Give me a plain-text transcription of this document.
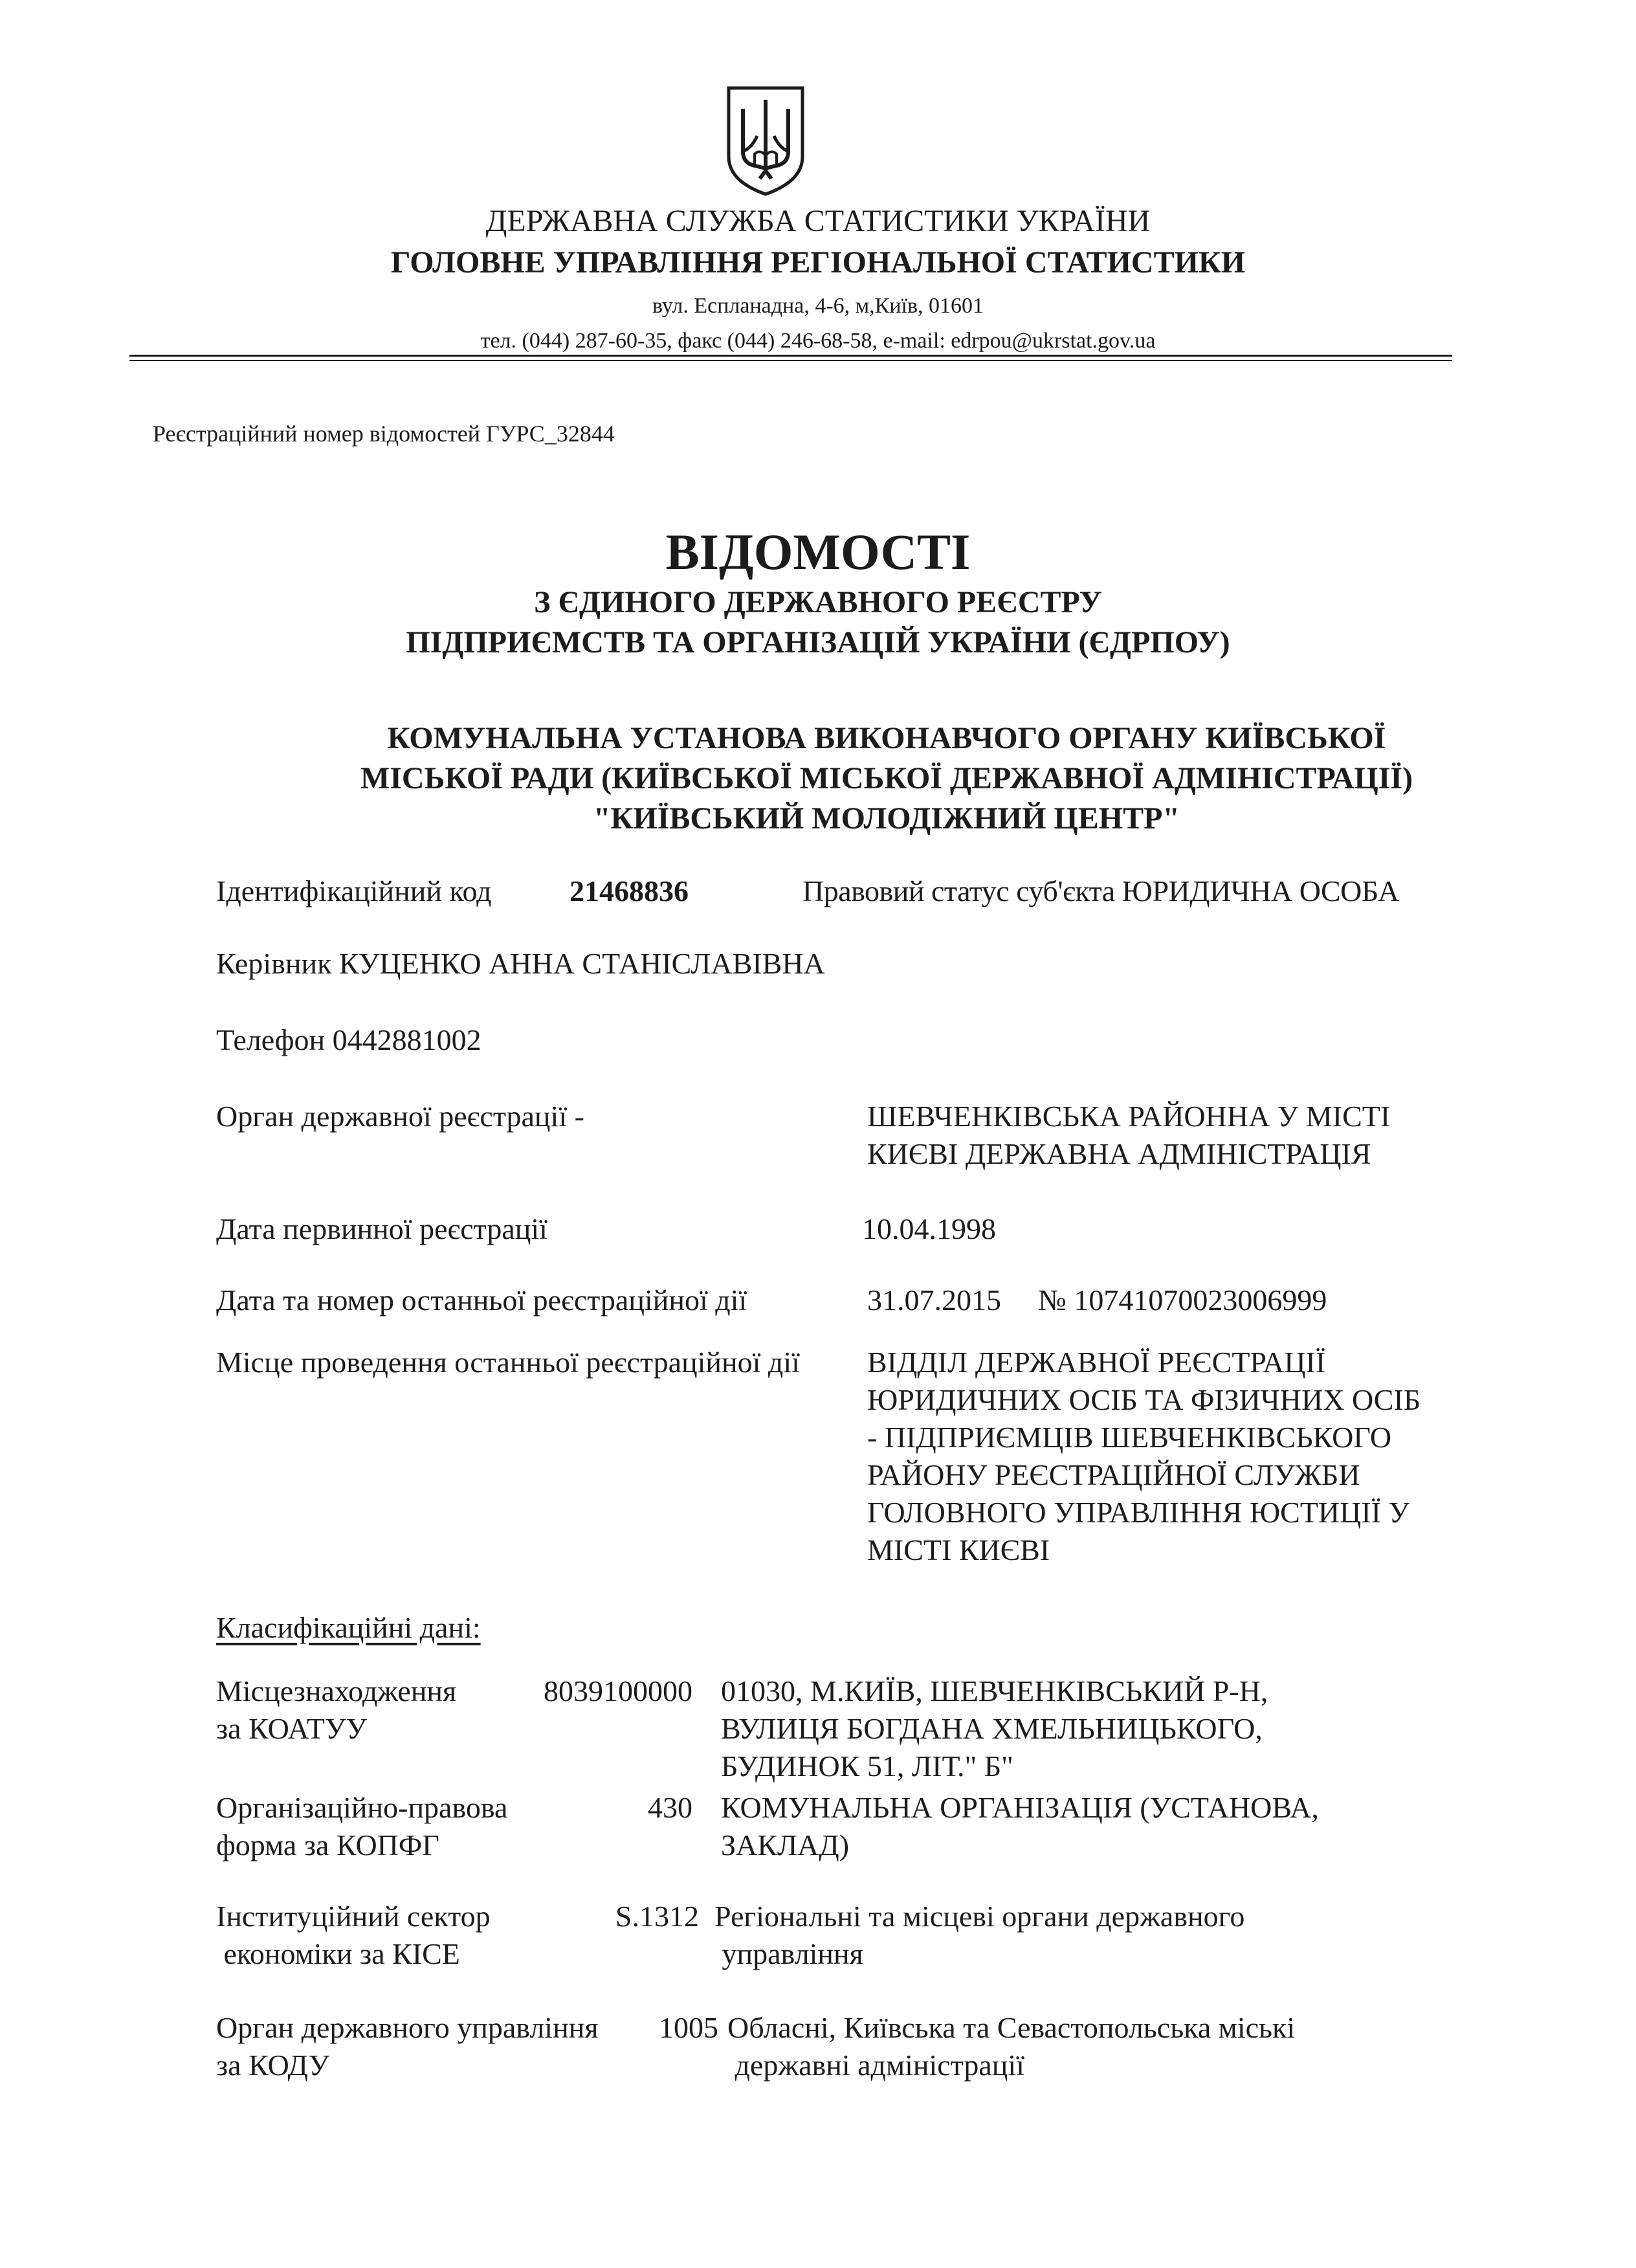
ДЕРЖАВНА СЛУЖБА СТАТИСТИКИ УКРАЇНИ
ГОЛОВНЕ УПРАВЛІННЯ РЕГІОНАЛЬНОЇ СТАТИСТИКИ
вул. Еспланадна, 4-6, м,Київ, 01601
тел. (044) 287-60-35, факс (044) 246-68-58, e-mail: edrpou@ukrstat.gov.ua
Реєстраційний номер відомостей ГУРС_32844
ВІДОМОСТІ
З ЄДИНОГО ДЕРЖАВНОГО РЕЄСТРУ
ПІДПРИЄМСТВ ТА ОРГАНІЗАЦІЙ УКРАЇНИ (ЄДРПОУ)
КОМУНАЛЬНА УСТАНОВА ВИКОНАВЧОГО ОРГАНУ КИЇВСЬКОЇ
МІСЬКОЇ РАДИ (КИЇВСЬКОЇ МІСЬКОЇ ДЕРЖАВНОЇ АДМІНІСТРАЦІЇ)
"КИЇВСЬКИЙ МОЛОДІЖНИЙ ЦЕНТР"
Ідентифікаційний код	21468836	Правовий статус суб'єкта ЮРИДИЧНА ОСОБА
Керівник КУЦЕНКО АННА СТАНІСЛАВІВНА
Телефон 0442881002
Орган державної реєстрації -	ШЕВЧЕНКІВСЬКА РАЙОННА У МІСТІ
КИЄВІ ДЕРЖАВНА АДМІНІСТРАЦІЯ
Дата первинної реєстрації	10.04.1998
Дата та номер останньої реєстраційної дії	31.07.2015 № 10741070023006999
Місце проведення останньої реєстраційної дії ВІДДІЛ ДЕРЖАВНОЇ РЕЄСТРАЦІЇ
ЮРИДИЧНИХ ОСІБ ТА ФІЗИЧНИХ ОСІБ
- ПІДПРИЄМЦІВ ШЕВЧЕНКІВСЬКОГО
РАЙОНУ РЕЄСТРАЦІЙНОЇ СЛУЖБИ
ГОЛОВНОГО УПРАВЛІННЯ ЮСТИЦІЇ У
МІСТІ КИЄВІ
Класифікаційні дані:
Місцезнаходження
за КОАТУУ
8039100000 01030, М.КИЇВ, ШЕВЧЕНКІВСЬКИЙ Р-Н,
ВУЛИЦЯ БОГДАНА ХМЕЛЬНИЦЬКОГО,
БУДИНОК 51, ЛІТ." Б"
Організаційно-правова
форма за КОПФГ
430 КОМУНАЛЬНА ОРГАНІЗАЦІЯ (УСТАНОВА,
ЗАКЛАД)
Інституційний сектор
економіки за КІСЕ
S.1312 Регіональні та місцеві органи державного
управління
Орган державного управління
за КОДУ
1005 Обласні, Київська та Севастопольська міські
державні адміністрації
